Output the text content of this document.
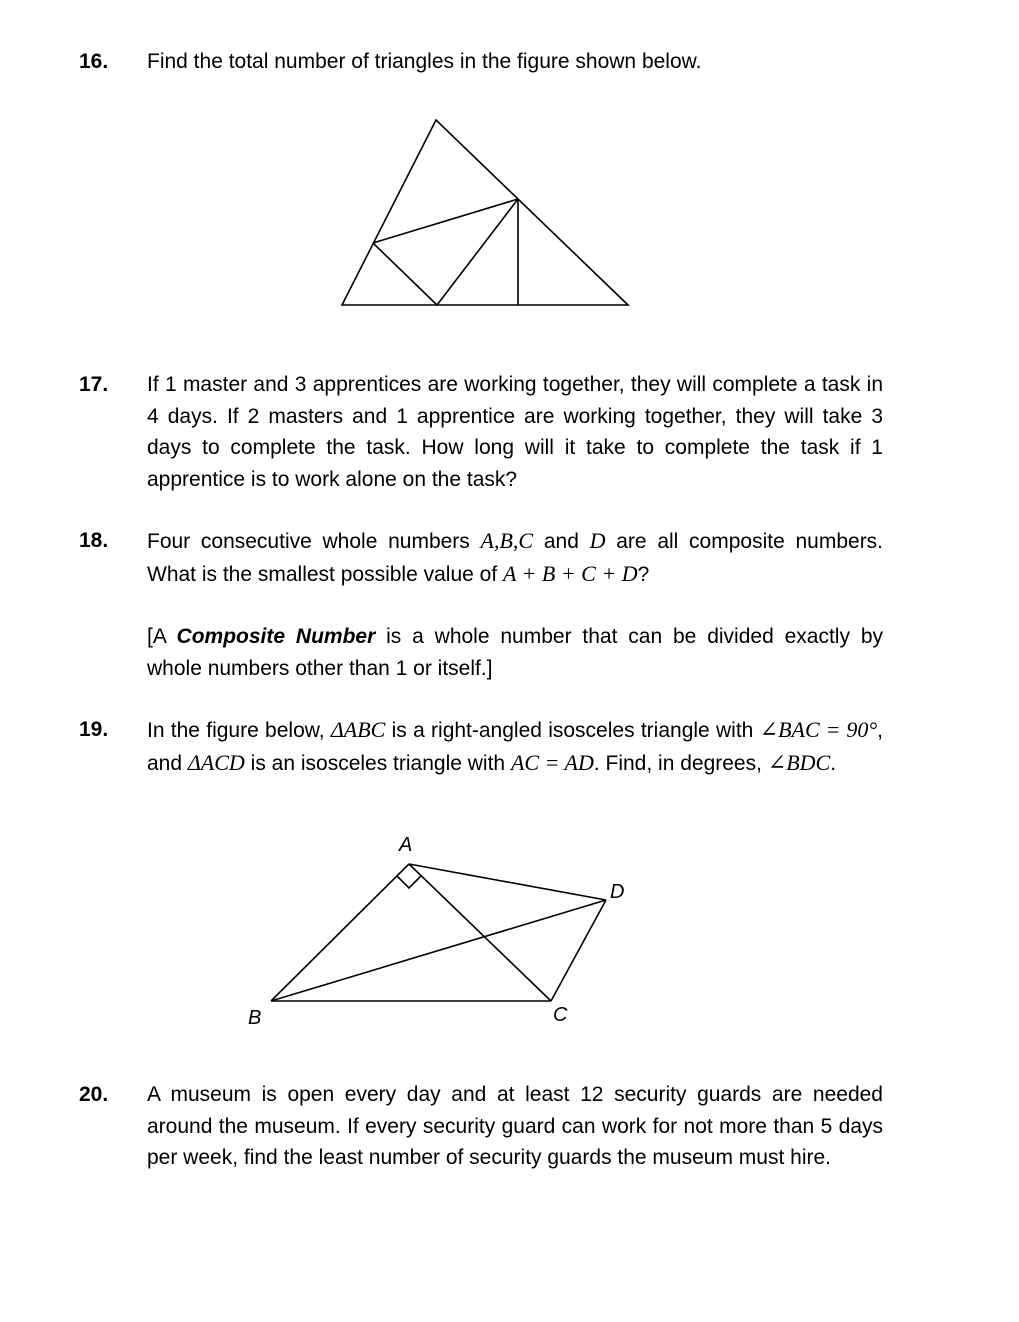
16. Find the total number of triangles in the figure shown below.

17. If 1 master and 3 apprentices are working together, they will complete a task in 4 days. If 2 masters and 1 apprentice are working together, they will take 3 days to complete the task. How long will it take to complete the task if 1 apprentice is to work alone on the task?

18. Four consecutive whole numbers A,B,C and D are all composite numbers. What is the smallest possible value of A + B + C + D?

[A Composite Number is a whole number that can be divided exactly by whole numbers other than 1 or itself.]

19. In the figure below, ΔABC is a right-angled isosceles triangle with ∠BAC = 90°, and ΔACD is an isosceles triangle with AC = AD. Find, in degrees, ∠BDC.

A
B	C
D
20. A museum is open every day and at least 12 security guards are needed around the museum. If every security guard can work for not more than 5 days per week, find the least number of security guards the museum must hire.
